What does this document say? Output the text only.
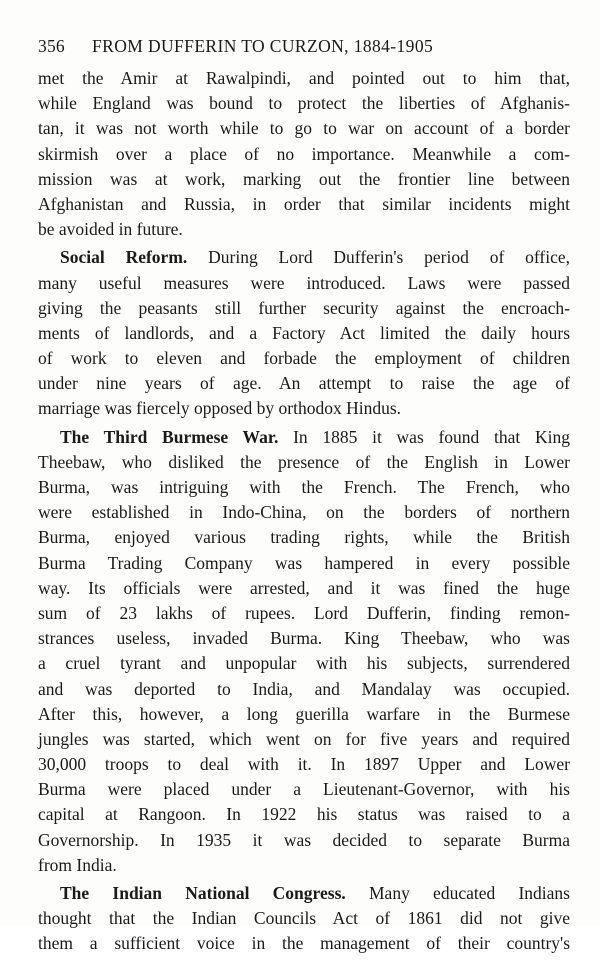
356 FROM DUFFERIN TO CURZON, 1884-1905
met the Amir at Rawalpindi, and pointed out to him that,
while England was bound to protect the liberties of Afghanis-
tan, it was not worth while to go to war on account of a border
skirmish over a place of no importance. Meanwhile a com-
mission was at work, marking out the frontier line between
Afghanistan and Russia, in order that similar incidents might
be avoided in future.
Social Reform. During Lord Dufferin's period of office,
many useful measures were introduced. Laws were passed
giving the peasants still further security against the encroach-
ments of landlords, and a Factory Act limited the daily hours
of work to eleven and forbade the employment of children
under nine years of age. An attempt to raise the age of
marriage was fiercely opposed by orthodox Hindus.
The Third Burmese War. In 1885 it was found that King
Theebaw, who disliked the presence of the English in Lower
Burma, was intriguing with the French. The French, who
were established in Indo-China, on the borders of northern
Burma, enjoyed various trading rights, while the British
Burma Trading Company was hampered in every possible
way. Its officials were arrested, and it was fined the huge
sum of 23 lakhs of rupees. Lord Dufferin, finding remon-
strances useless, invaded Burma. King Theebaw, who was
a cruel tyrant and unpopular with his subjects, surrendered
and was deported to India, and Mandalay was occupied.
After this, however, a long guerilla warfare in the Burmese
jungles was started, which went on for five years and required
30,000 troops to deal with it. In 1897 Upper and Lower
Burma were placed under a Lieutenant-Governor, with his
capital at Rangoon. In 1922 his status was raised to a
Governorship. In 1935 it was decided to separate Burma
from India.
The Indian National Congress. Many educated Indians
thought that the Indian Councils Act of 1861 did not give
them a sufficient voice in the management of their country's
